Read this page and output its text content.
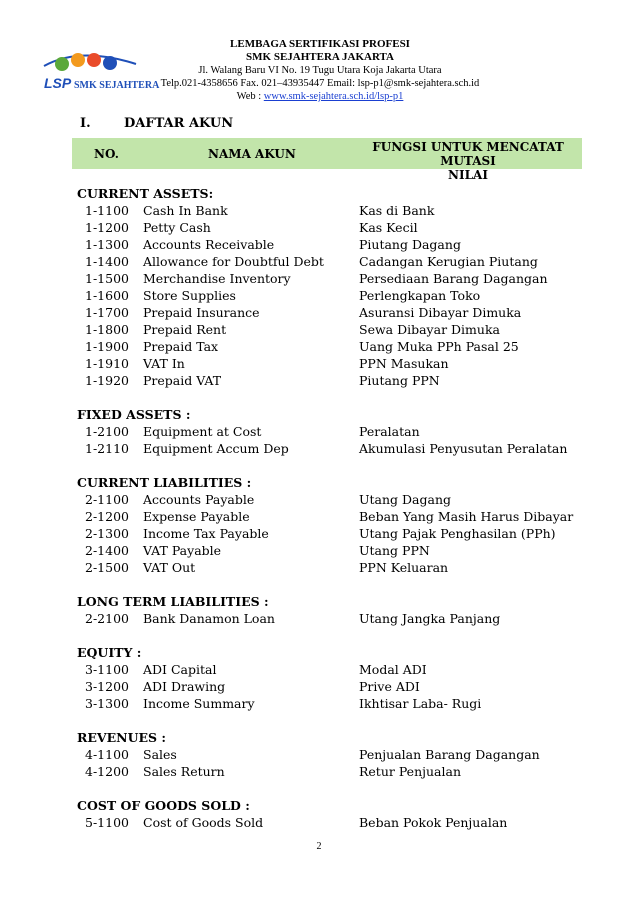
LSP SMK SEJAHTERA
LEMBAGA SERTIFIKASI PROFESI
SMK SEJAHTERA JAKARTA
Jl. Walang Baru VI No. 19 Tugu Utara Koja Jakarta Utara
Telp.021-4358656 Fax. 021–43935447 Email: lsp-p1@smk-sejahtera.sch.id
Web : www.smk-sejahtera.sch.id/lsp-p1
I.	DAFTAR AKUN
NO.	NAMA AKUN	FUNGSI UNTUK MENCATAT MUTASI
NILAI
CURRENT ASSETS:
1-1100 Cash In Bank	Kas di Bank
1-1200 Petty Cash	Kas Kecil
1-1300 Accounts Receivable	Piutang Dagang
1-1400 Allowance for Doubtful Debt	Cadangan Kerugian Piutang
1-1500 Merchandise Inventory	Persediaan Barang Dagangan
1-1600 Store Supplies	Perlengkapan Toko
1-1700 Prepaid Insurance	Asuransi Dibayar Dimuka
1-1800 Prepaid Rent	Sewa Dibayar Dimuka
1-1900 Prepaid Tax	Uang Muka PPh Pasal 25
1-1910 VAT In	PPN Masukan
1-1920 Prepaid VAT	Piutang PPN
FIXED ASSETS :
1-2100 Equipment at Cost	Peralatan
1-2110 Equipment Accum Dep	Akumulasi Penyusutan Peralatan
CURRENT LIABILITIES :
2-1100 Accounts Payable	Utang Dagang
2-1200 Expense Payable	Beban Yang Masih Harus Dibayar
2-1300 Income Tax Payable	Utang Pajak Penghasilan (PPh)
2-1400 VAT Payable	Utang PPN
2-1500 VAT Out	PPN Keluaran
LONG TERM LIABILITIES :
2-2100 Bank Danamon Loan	Utang Jangka Panjang
EQUITY :
3-1100 ADI Capital	Modal ADI
3-1200 ADI Drawing	Prive ADI
3-1300 Income Summary	Ikhtisar Laba- Rugi
REVENUES :
4-1100 Sales	Penjualan Barang Dagangan
4-1200 Sales Return	Retur Penjualan
COST OF GOODS SOLD :
5-1100 Cost of Goods Sold	Beban Pokok Penjualan
2
